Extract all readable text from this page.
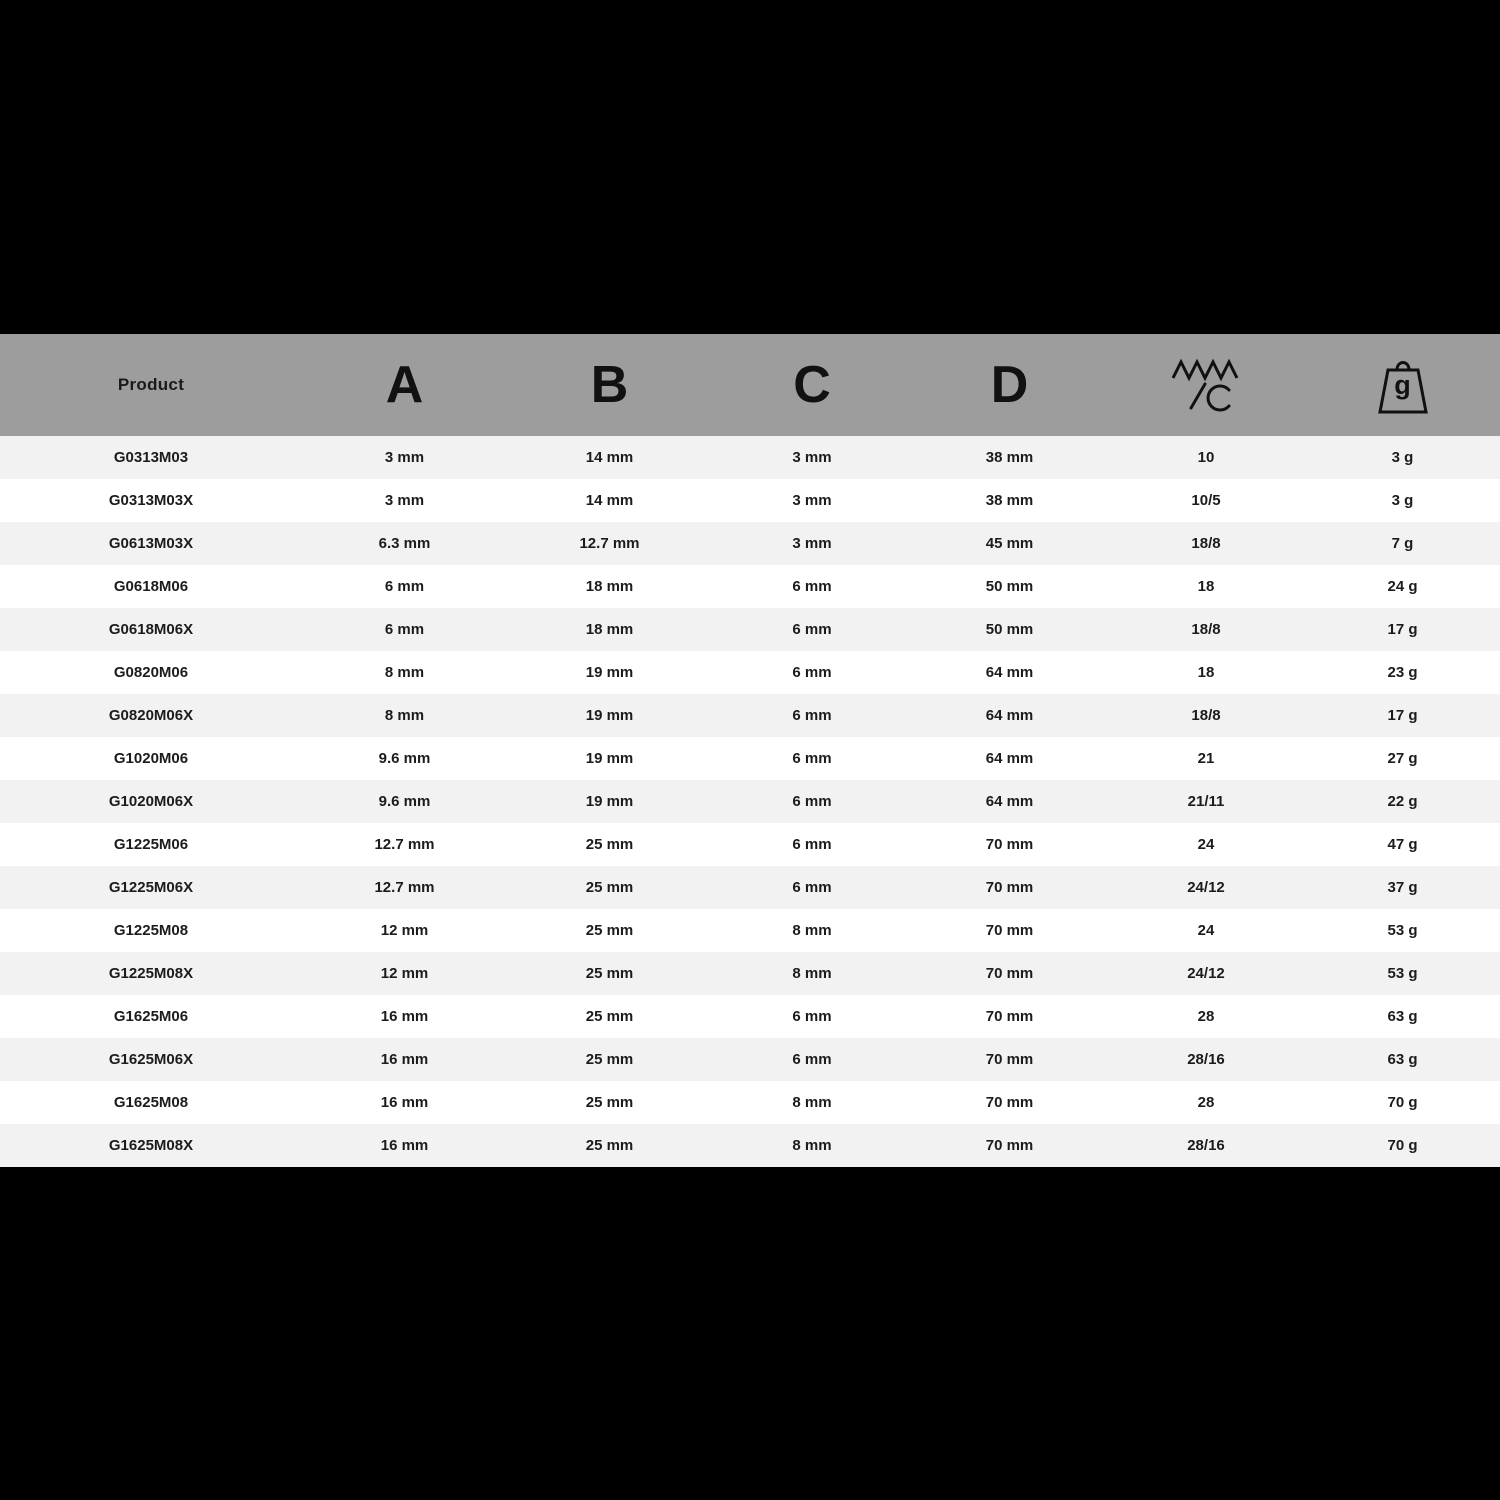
Product	A	B	C	D		g

G0313M03	3 mm	14 mm	3 mm	38 mm	10	3 g
G0313M03X	3 mm	14 mm	3 mm	38 mm	10/5	3 g
G0613M03X	6.3 mm	12.7 mm	3 mm	45 mm	18/8	7 g
G0618M06	6 mm	18 mm	6 mm	50 mm	18	24 g
G0618M06X	6 mm	18 mm	6 mm	50 mm	18/8	17 g
G0820M06	8 mm	19 mm	6 mm	64 mm	18	23 g
G0820M06X	8 mm	19 mm	6 mm	64 mm	18/8	17 g
G1020M06	9.6 mm	19 mm	6 mm	64 mm	21	27 g
G1020M06X	9.6 mm	19 mm	6 mm	64 mm	21/11	22 g
G1225M06	12.7 mm	25 mm	6 mm	70 mm	24	47 g
G1225M06X	12.7 mm	25 mm	6 mm	70 mm	24/12	37 g
G1225M08	12 mm	25 mm	8 mm	70 mm	24	53 g
G1225M08X	12 mm	25 mm	8 mm	70 mm	24/12	53 g
G1625M06	16 mm	25 mm	6 mm	70 mm	28	63 g
G1625M06X	16 mm	25 mm	6 mm	70 mm	28/16	63 g
G1625M08	16 mm	25 mm	8 mm	70 mm	28	70 g
G1625M08X	16 mm	25 mm	8 mm	70 mm	28/16	70 g
